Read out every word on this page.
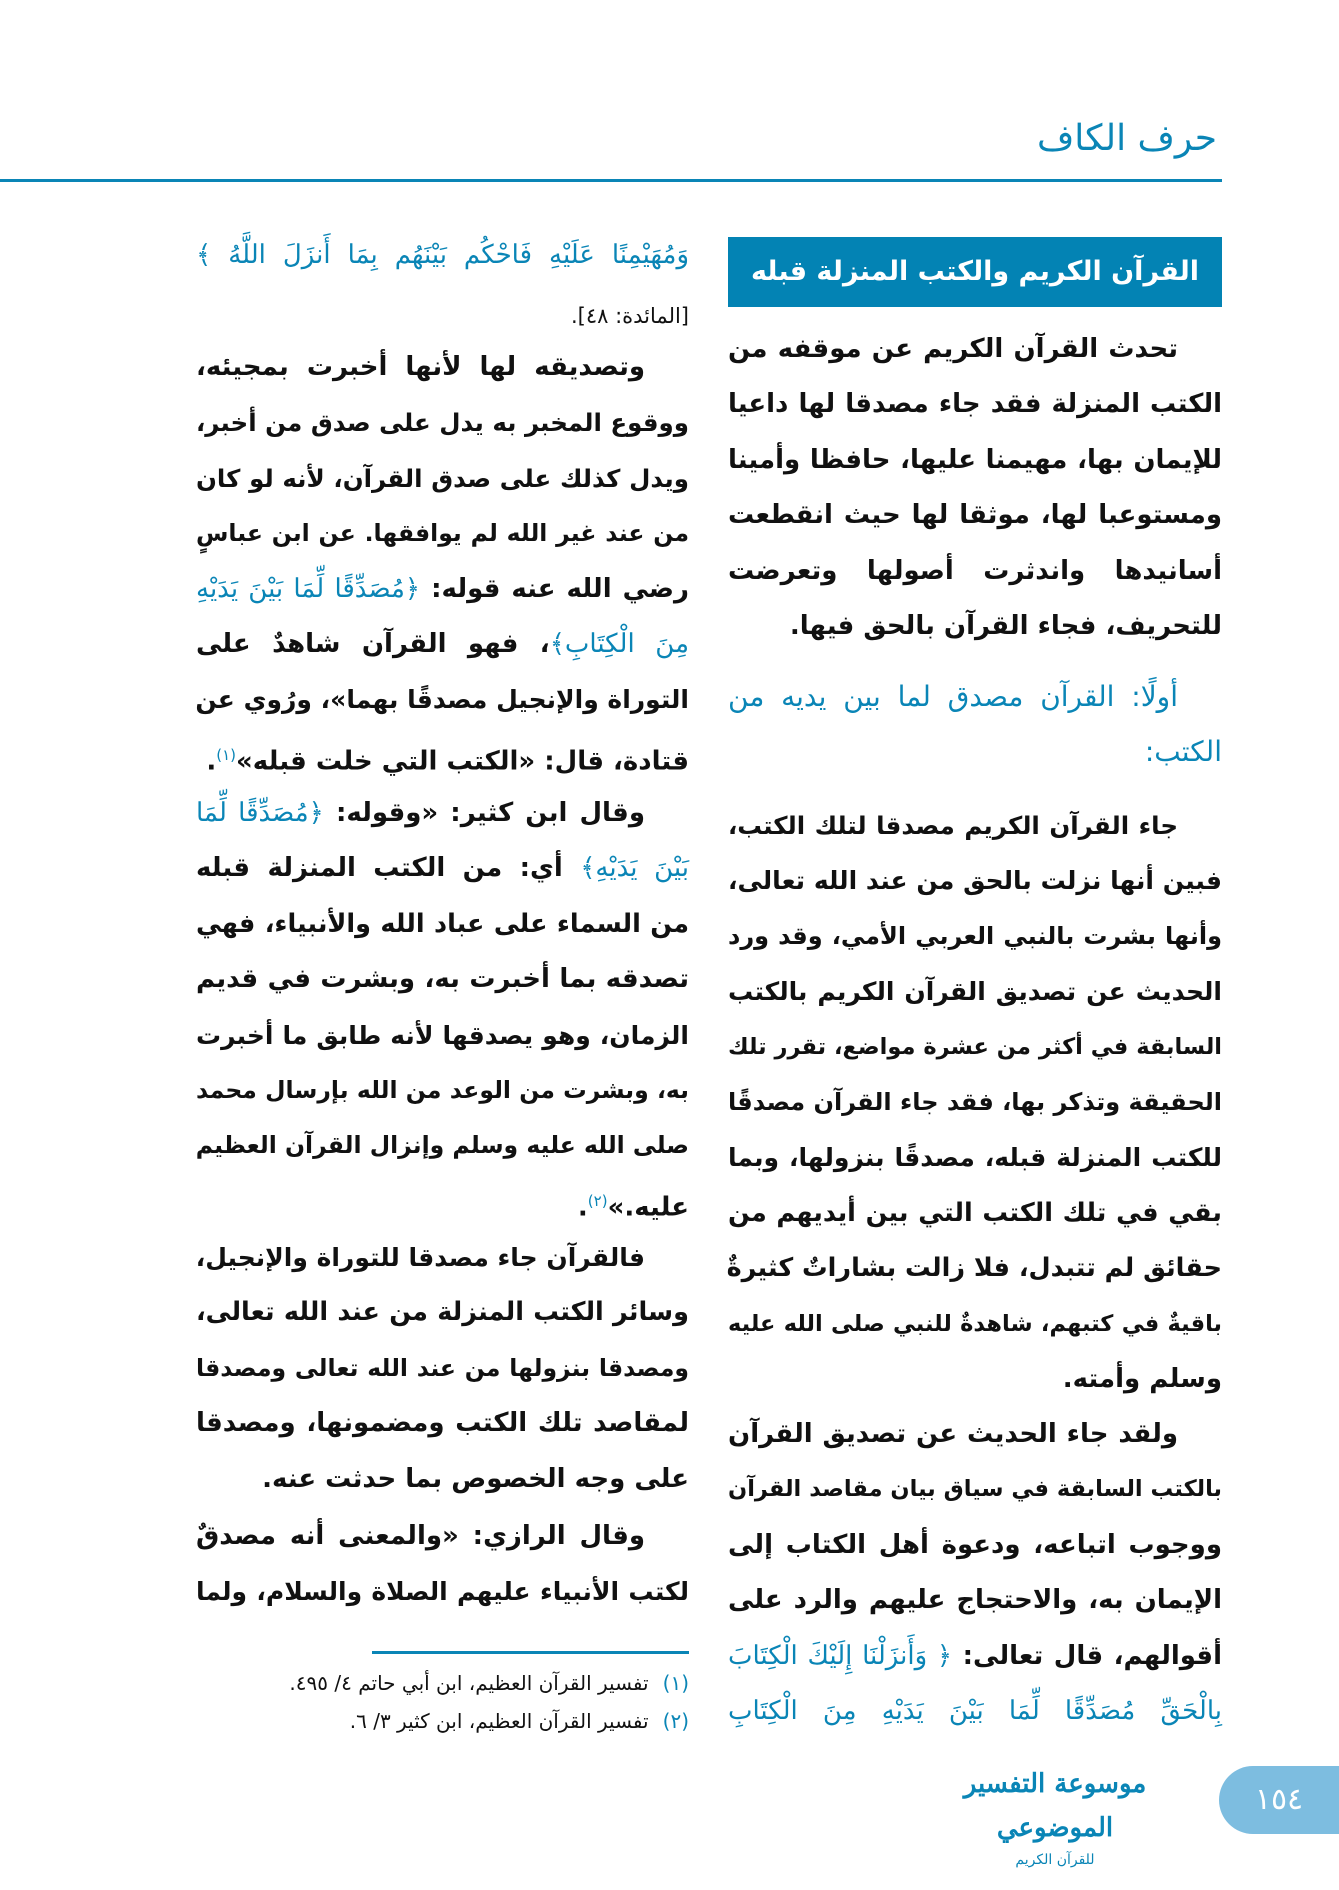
حرف الكاف
القرآن الكريم والكتب المنزلة قبله
تحدث القرآن الكريم عن موقفه من
الكتب المنزلة فقد جاء مصدقا لها داعيا
للإيمان بها، مهيمنا عليها، حافظا وأمينا
ومستوعبا لها، موثقا لها حيث انقطعت
أسانيدها واندثرت أصولها وتعرضت
للتحريف، فجاء القرآن بالحق فيها.
أولًا: القرآن مصدق لما بين يديه من
الكتب:
جاء القرآن الكريم مصدقا لتلك الكتب،
فبين أنها نزلت بالحق من عند الله تعالى،
وأنها بشرت بالنبي العربي الأمي، وقد ورد
الحديث عن تصديق القرآن الكريم بالكتب
السابقة في أكثر من عشرة مواضع، تقرر تلك
الحقيقة وتذكر بها، فقد جاء القرآن مصدقًا
للكتب المنزلة قبله، مصدقًا بنزولها، وبما
بقي في تلك الكتب التي بين أيديهم من
حقائق لم تتبدل، فلا زالت بشاراتٌ كثيرةٌ
باقيةٌ في كتبهم، شاهدةٌ للنبي صلى الله عليه
وسلم وأمته.
ولقد جاء الحديث عن تصديق القرآن
بالكتب السابقة في سياق بيان مقاصد القرآن
ووجوب اتباعه، ودعوة أهل الكتاب إلى
الإيمان به، والاحتجاج عليهم والرد على
أقوالهم، قال تعالى: ﴿ وَأَنزَلْنَا إِلَيْكَ الْكِتَابَ
بِالْحَقِّ مُصَدِّقًا لِّمَا بَيْنَ يَدَيْهِ مِنَ الْكِتَابِ
وَمُهَيْمِنًا عَلَيْهِ فَاحْكُم بَيْنَهُم بِمَا أَنزَلَ اللَّهُ ﴾
[المائدة: ٤٨].
وتصديقه لها لأنها أخبرت بمجيئه،
ووقوع المخبر به يدل على صدق من أخبر،
ويدل كذلك على صدق القرآن، لأنه لو كان
من عند غير الله لم يوافقها. عن ابن عباسٍ
رضي الله عنه قوله: ﴿مُصَدِّقًا لِّمَا بَيْنَ يَدَيْهِ
مِنَ الْكِتَابِ﴾، فهو القرآن شاهدٌ على
التوراة والإنجيل مصدقًا بهما»، ورُوي عن
قتادة، قال: «الكتب التي خلت قبله»$^{(١)}$.
وقال ابن كثير: «وقوله: ﴿مُصَدِّقًا لِّمَا
بَيْنَ يَدَيْهِ﴾ أي: من الكتب المنزلة قبله
من السماء على عباد الله والأنبياء، فهي
تصدقه بما أخبرت به، وبشرت في قديم
الزمان، وهو يصدقها لأنه طابق ما أخبرت
به، وبشرت من الوعد من الله بإرسال محمد
صلى الله عليه وسلم وإنزال القرآن العظيم
عليه.»$^{(٢)}$.
فالقرآن جاء مصدقا للتوراة والإنجيل،
وسائر الكتب المنزلة من عند الله تعالى،
ومصدقا بنزولها من عند الله تعالى ومصدقا
لمقاصد تلك الكتب ومضمونها، ومصدقا
على وجه الخصوص بما حدثت عنه.
وقال الرازي: «والمعنى أنه مصدقٌ
لكتب الأنبياء عليهم الصلاة والسلام، ولما
(١)تفسير القرآن العظيم، ابن أبي حاتم ٤/ ٤٩٥.
(٢)تفسير القرآن العظيم، ابن كثير ٣/ ٦.
موسوعة التفسير الموضوعي
للقرآن الكريم
١٥٤
